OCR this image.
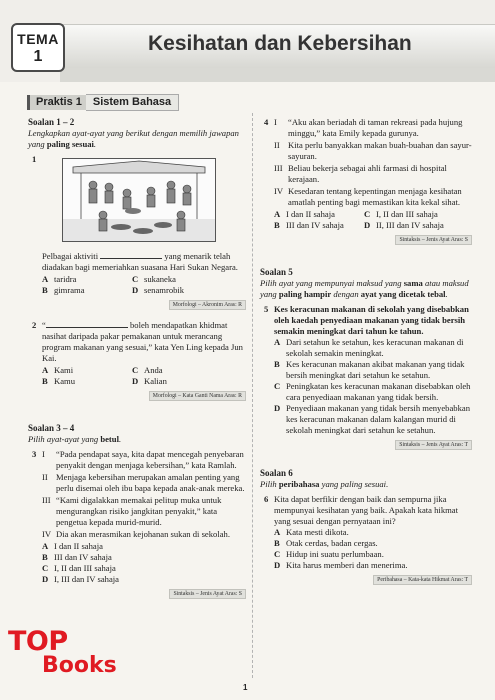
TEMA
1
Kesihatan dan Kebersihan
Praktis 1 Sistem Bahasa

Soalan 1 – 2

Lengkapkan ayat-ayat yang berikut dengan memilih jawapan yang paling sesuai.

1
Pelbagai aktiviti	yang menarik telah diadakan bagi memeriahkan suasana Hari Sukan Negara.
A taridra	C sukaneka
B gimrama	D senamrobik
Morfologi – Akronim Aras: R
2 “	boleh mendapatkan khidmat nasihat daripada pakar pemakanan untuk merancang program makanan yang sesuai,” kata Yen Ling kepada Jun Kai.
A Kami	C Anda
B Kamu	D Kalian
Morfologi – Kata Ganti Nama Aras: R

Soalan 3 – 4

Pilih ayat-ayat yang betul.

3 I “Pada pendapat saya, kita dapat mencegah penyebaran penyakit dengan menjaga kebersihan,” kata Ramlah.
II Menjaga kebersihan merupakan amalan penting yang perlu disemai oleh ibu bapa kepada anak-anak mereka.
III “Kami digalakkan memakai pelitup muka untuk mengurangkan risiko jangkitan penyakit,” kata pengetua kepada murid-murid.
IV Dia akan merasmikan kejohanan sukan di sekolah.
A I dan II sahaja
B III dan IV sahaja
C I, II dan III sahaja
D I, III dan IV sahaja
Sintaksis – Jenis Ayat Aras: S
4 I “Aku akan beriadah di taman rekreasi pada hujung minggu,” kata Emily kepada gurunya.
II Kita perlu banyakkan makan buah-buahan dan sayur-sayuran.
III Beliau bekerja sebagai ahli farmasi di hospital kerajaan.
IV Kesedaran tentang kepentingan menjaga kesihatan amatlah penting bagi memastikan kita kekal sihat.
A I dan II sahaja	C I, II dan III sahaja
B III dan IV sahaja	D II, III dan IV sahaja
Sintaksis – Jenis Ayat Aras: S

Soalan 5

Pilih ayat yang mempunyai maksud yang sama atau maksud yang paling hampir dengan ayat yang dicetak tebal.

5 Kes keracunan makanan di sekolah yang disebabkan oleh kaedah penyediaan makanan yang tidak bersih semakin meningkat dari tahun ke tahun.
A Dari setahun ke setahun, kes keracunan makanan di sekolah semakin meningkat.
B Kes keracunan makanan akibat makanan yang tidak bersih meningkat dari setahun ke setahun.
C Peningkatan kes keracunan makanan disebabkan oleh cara penyediaan makanan yang tidak bersih.
D Penyediaan makanan yang tidak bersih menyebabkan kes keracunan makanan dalam kalangan murid di sekolah meningkat dari setahun ke setahun.
Sintaksis – Jenis Ayat Aras: T

Soalan 6

Pilih peribahasa yang paling sesuai.

6 Kita dapat berfikir dengan baik dan sempurna jika mempunyai kesihatan yang baik. Apakah kata hikmat yang sesuai dengan pernyataan ini?
A Kata mesti dikota.
B Otak cerdas, badan cergas.
C Hidup ini suatu perlumbaan.
D Kita harus memberi dan menerima.
Peribahasa – Kata-kata Hikmat Aras: T
TOP
Books
1
